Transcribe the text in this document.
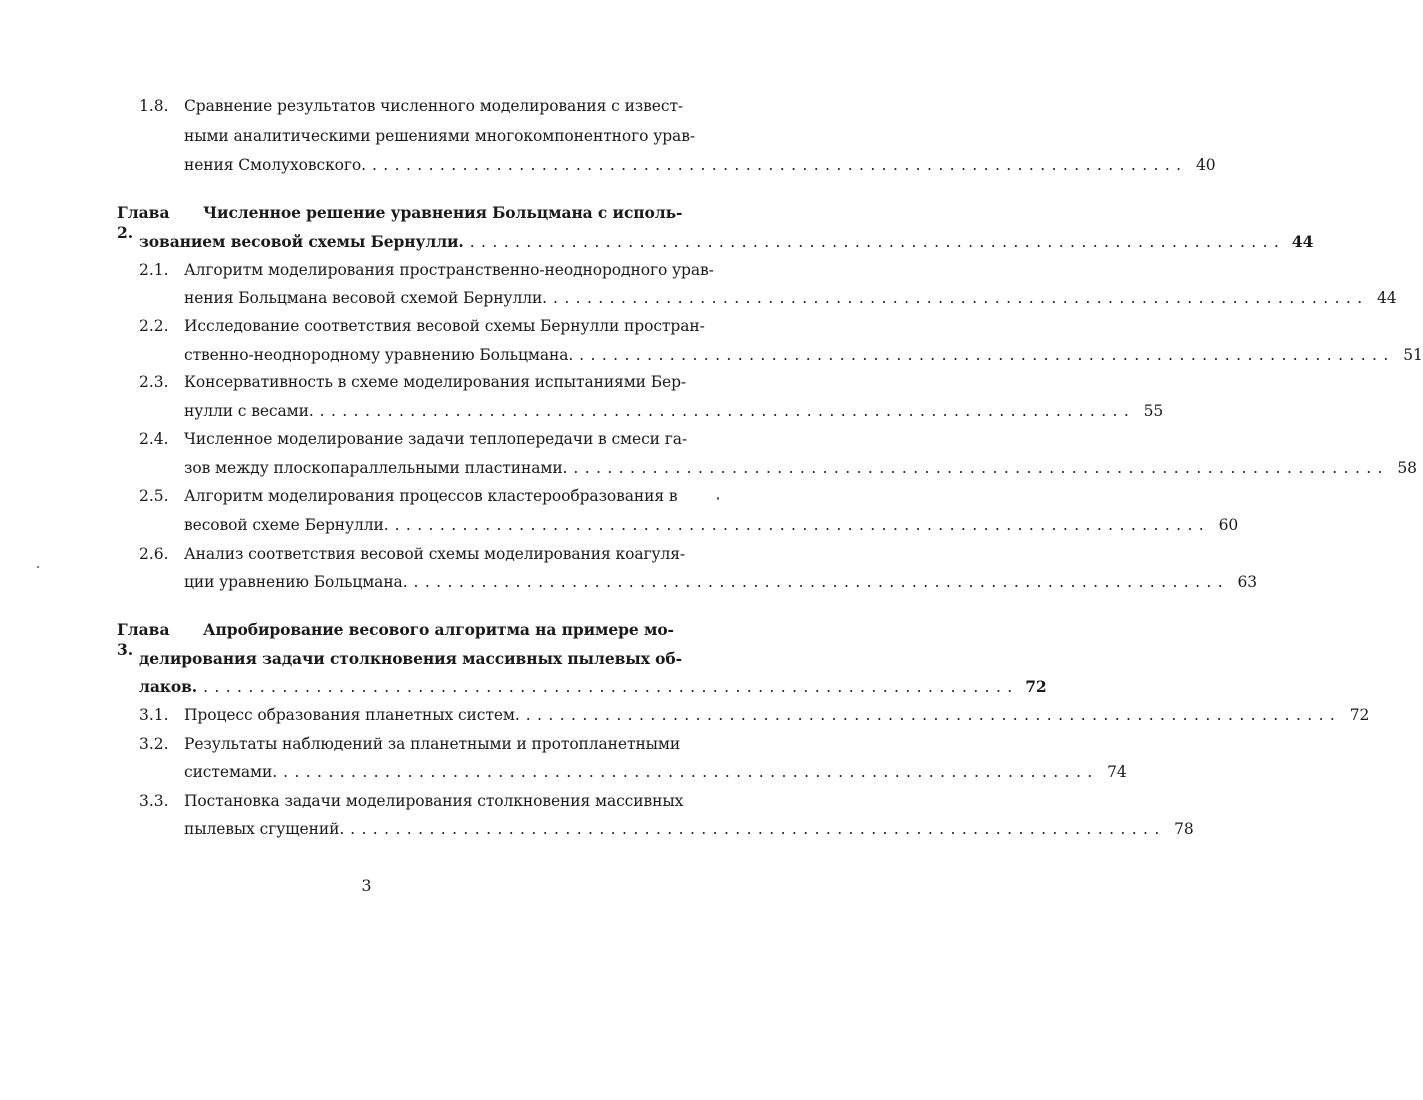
1.8. Сравнение результатов численного моделирования с извест-
ными аналитическими решениями многокомпонентного урав-
нения Смолуховского. ........................................................................ 40
Глава 2.
Численное решение уравнения Больцмана с исполь-
зованием весовой схемы Бернулли. ........................................................................ 44
2.1. Алгоритм моделирования пространственно-неоднородного урав-
нения Больцмана весовой схемой Бернулли. ........................................................................ 44
2.2. Исследование соответствия весовой схемы Бернулли простран-
ственно-неоднородному уравнению Больцмана. ........................................................................ 51
2.3. Консервативность в схеме моделирования испытаниями Бер-
нулли с весами. ........................................................................ 55
2.4. Численное моделирование задачи теплопередачи в смеси га-
зов между плоскопараллельными пластинами. ........................................................................ 58
2.5. Алгоритм моделирования процессов кластерообразования в
весовой схеме Бернулли. ........................................................................ 60
2.6. Анализ соответствия весовой схемы моделирования коагуля-
ции уравнению Больцмана. ........................................................................ 63
Глава 3.
Апробирование весового алгоритма на примере мо-
делирования задачи столкновения массивных пылевых об-
лаков. ........................................................................ 72
3.1. Процесс образования планетных систем. ........................................................................ 72
3.2. Результаты наблюдений за планетными и протопланетными
системами. ........................................................................ 74
3.3. Постановка задачи моделирования столкновения массивных
пылевых сгущений. ........................................................................ 78
3
